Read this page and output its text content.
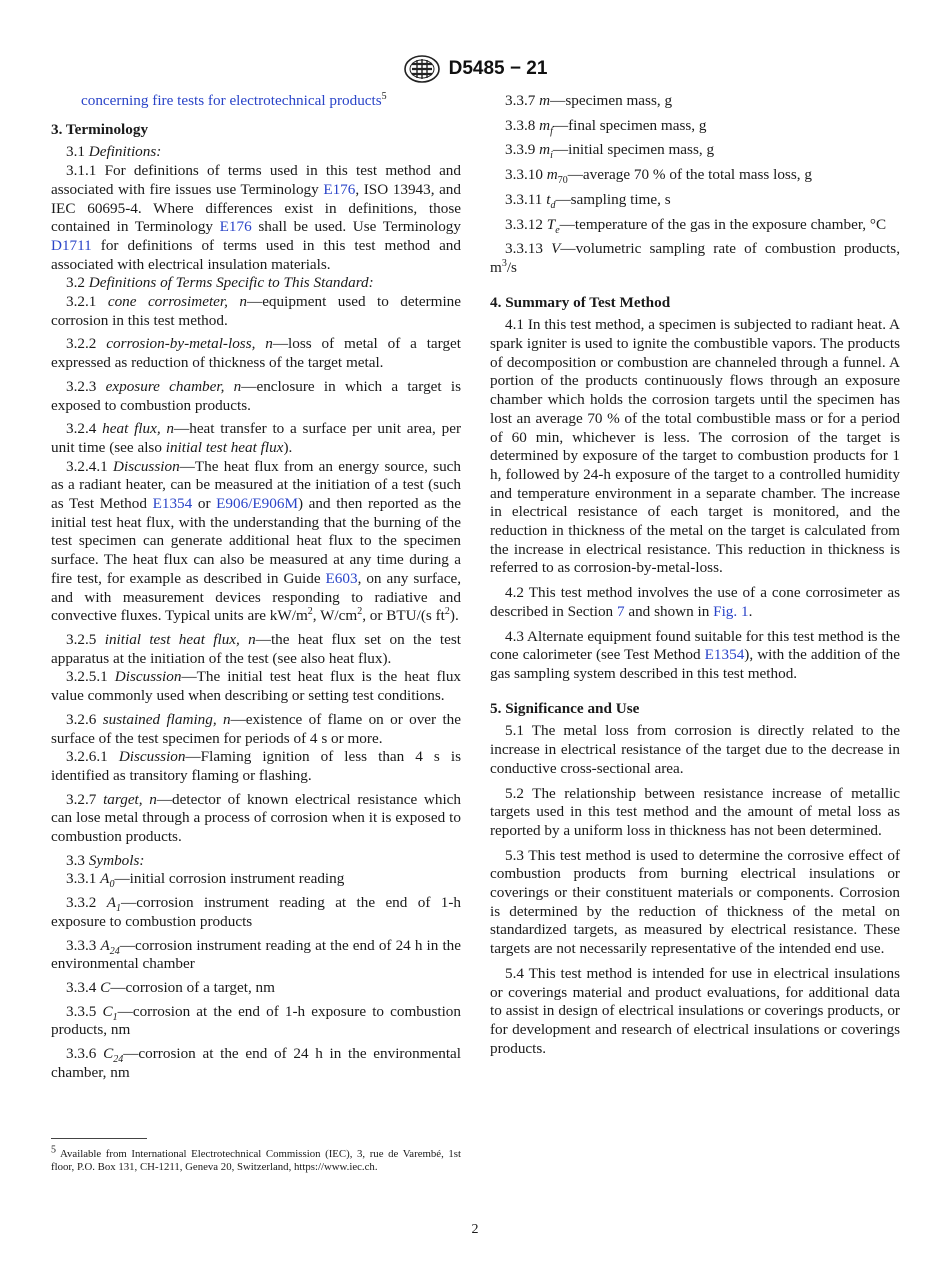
D5485 − 21

concerning fire tests for electrotechnical products$^5$

3. Terminology

3.1 Definitions:

3.1.1 For definitions of terms used in this test method and associated with fire issues use Terminology E176, ISO 13943, and IEC 60695-4. Where differences exist in definitions, those contained in Terminology E176 shall be used. Use Terminology D1711 for definitions of terms used in this test method and associated with electrical insulation materials.

3.2 Definitions of Terms Specific to This Standard:

3.2.1 cone corrosimeter, n—equipment used to determine corrosion in this test method.

3.2.2 corrosion-by-metal-loss, n—loss of metal of a target expressed as reduction of thickness of the target metal.

3.2.3 exposure chamber, n—enclosure in which a target is exposed to combustion products.

3.2.4 heat flux, n—heat transfer to a surface per unit area, per unit time (see also initial test heat flux).

3.2.4.1 Discussion—The heat flux from an energy source, such as a radiant heater, can be measured at the initiation of a test (such as Test Method E1354 or E906/E906M) and then reported as the initial test heat flux, with the understanding that the burning of the test specimen can generate additional heat flux to the specimen surface. The heat flux can also be measured at any time during a fire test, for example as described in Guide E603, on any surface, and with measurement devices responding to radiative and convective fluxes. Typical units are $kW/m^2$, $W/cm^2$, or BTU/(s $ft^2$).

3.2.5 initial test heat flux, n—the heat flux set on the test apparatus at the initiation of the test (see also heat flux).

3.2.5.1 Discussion—The initial test heat flux is the heat flux value commonly used when describing or setting test conditions.

3.2.6 sustained flaming, n—existence of flame on or over the surface of the test specimen for periods of 4 s or more.

3.2.6.1 Discussion—Flaming ignition of less than 4 s is identified as transitory flaming or flashing.

3.2.7 target, n—detector of known electrical resistance which can lose metal through a process of corrosion when it is exposed to combustion products.

3.3 Symbols:

3.3.1 $A_0—initial$ corrosion instrument reading

3.3.2 $A_1—corrosion$ instrument reading at the end of 1-h exposure to combustion products

3.3.3 $A_{24}—corrosion$ instrument reading at the end of 24 h in the environmental chamber

3.3.4 C—corrosion of a target, nm

3.3.5 $C_1—corrosion$ at the end of 1-h exposure to combustion products, nm

3.3.6 $C_{24}—corrosion$ at the end of 24 h in the environmental chamber, nm

$^5$ Available from International Electrotechnical Commission (IEC), 3, rue de Varembé, 1st floor, P.O. Box 131, CH-1211, Geneva 20, Switzerland, https://www.iec.ch.

3.3.7 m—specimen mass, g

3.3.8 $m_f—final$ specimen mass, g

3.3.9 $m_i—initial$ specimen mass, g

3.3.10 $m_{70}—average$ 70 % of the total mass loss, g

3.3.11 $t_d—sampling$ time, s

3.3.12 $T_e—temperature$ of the gas in the exposure chamber, °C

3.3.13 V—volumetric sampling rate of combustion products, $m^3/s$

4. Summary of Test Method

4.1 In this test method, a specimen is subjected to radiant heat. A spark igniter is used to ignite the combustible vapors. The products of decomposition or combustion are channeled through a funnel. A portion of the products continuously flows through an exposure chamber which holds the corrosion targets until the specimen has lost an average 70 % of the total combustible mass or for a period of 60 min, whichever is less. The corrosion of the target is determined by exposure of the target to combustion products for 1 h, followed by 24-h exposure of the target to a controlled humidity and temperature environment in a separate chamber. The increase in electrical resistance of each target is monitored, and the reduction in thickness of the metal on the target is calculated from the increase in electrical resistance. This reduction in thickness is referred to as corrosion-by-metal-loss.

4.2 This test method involves the use of a cone corrosimeter as described in Section 7 and shown in Fig. 1.

4.3 Alternate equipment found suitable for this test method is the cone calorimeter (see Test Method E1354), with the addition of the gas sampling system described in this test method.

5. Significance and Use

5.1 The metal loss from corrosion is directly related to the increase in electrical resistance of the target due to the decrease in conductive cross-sectional area.

5.2 The relationship between resistance increase of metallic targets used in this test method and the amount of metal loss as reported by a uniform loss in thickness has not been determined.

5.3 This test method is used to determine the corrosive effect of combustion products from burning electrical insulations or coverings or their constituent materials or components. Corrosion is determined by the reduction of thickness of the metal on standardized targets, as measured by electrical resistance. These targets are not necessarily representative of the intended end use.

5.4 This test method is intended for use in electrical insulations or coverings material and product evaluations, for additional data to assist in design of electrical insulations or coverings products, or for development and research of electrical insulations or coverings products.

2
